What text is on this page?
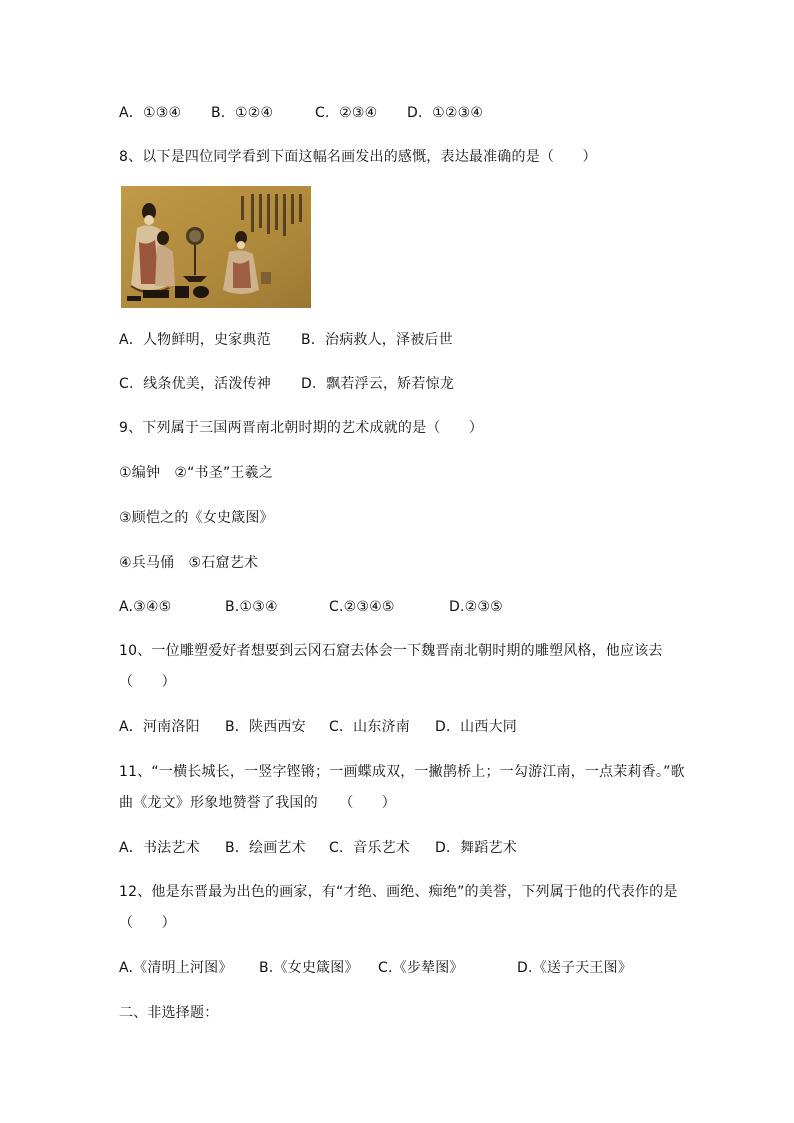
A．①③④ B．①②④	C．②③④ D．①②③④
8、以下是四位同学看到下面这幅名画发出的感慨，表达最准确的是（　　）
A．人物鲜明，史家典范 B．治病救人，泽被后世
C．线条优美，活泼传神 D．飘若浮云，矫若惊龙
9、下列属于三国两晋南北朝时期的艺术成就的是（　　）
①编钟　②“书圣”王羲之
③顾恺之的《女史箴图》
④兵马俑　⑤石窟艺术
A.③④⑤	B.①③④	C.②③④⑤	D.②③⑤
10、一位雕塑爱好者想要到云冈石窟去体会一下魏晋南北朝时期的雕塑风格，他应该去
（　　）
A．河南洛阳 B．陕西西安 C．山东济南 D．山西大同
11、“一横长城长，一竖字铿锵；一画蝶成双，一撇鹊桥上；一勾游江南，一点茉莉香。”歌
曲《龙文》形象地赞誉了我国的　　（　　）
A．书法艺术 B．绘画艺术 C．音乐艺术 D．舞蹈艺术
12、他是东晋最为出色的画家，有“才绝、画绝、痴绝”的美誉，下列属于他的代表作的是
（　　）
A.《清明上河图》 B.《女史箴图》 C.《步辇图》	D.《送子天王图》
二、非选择题：
